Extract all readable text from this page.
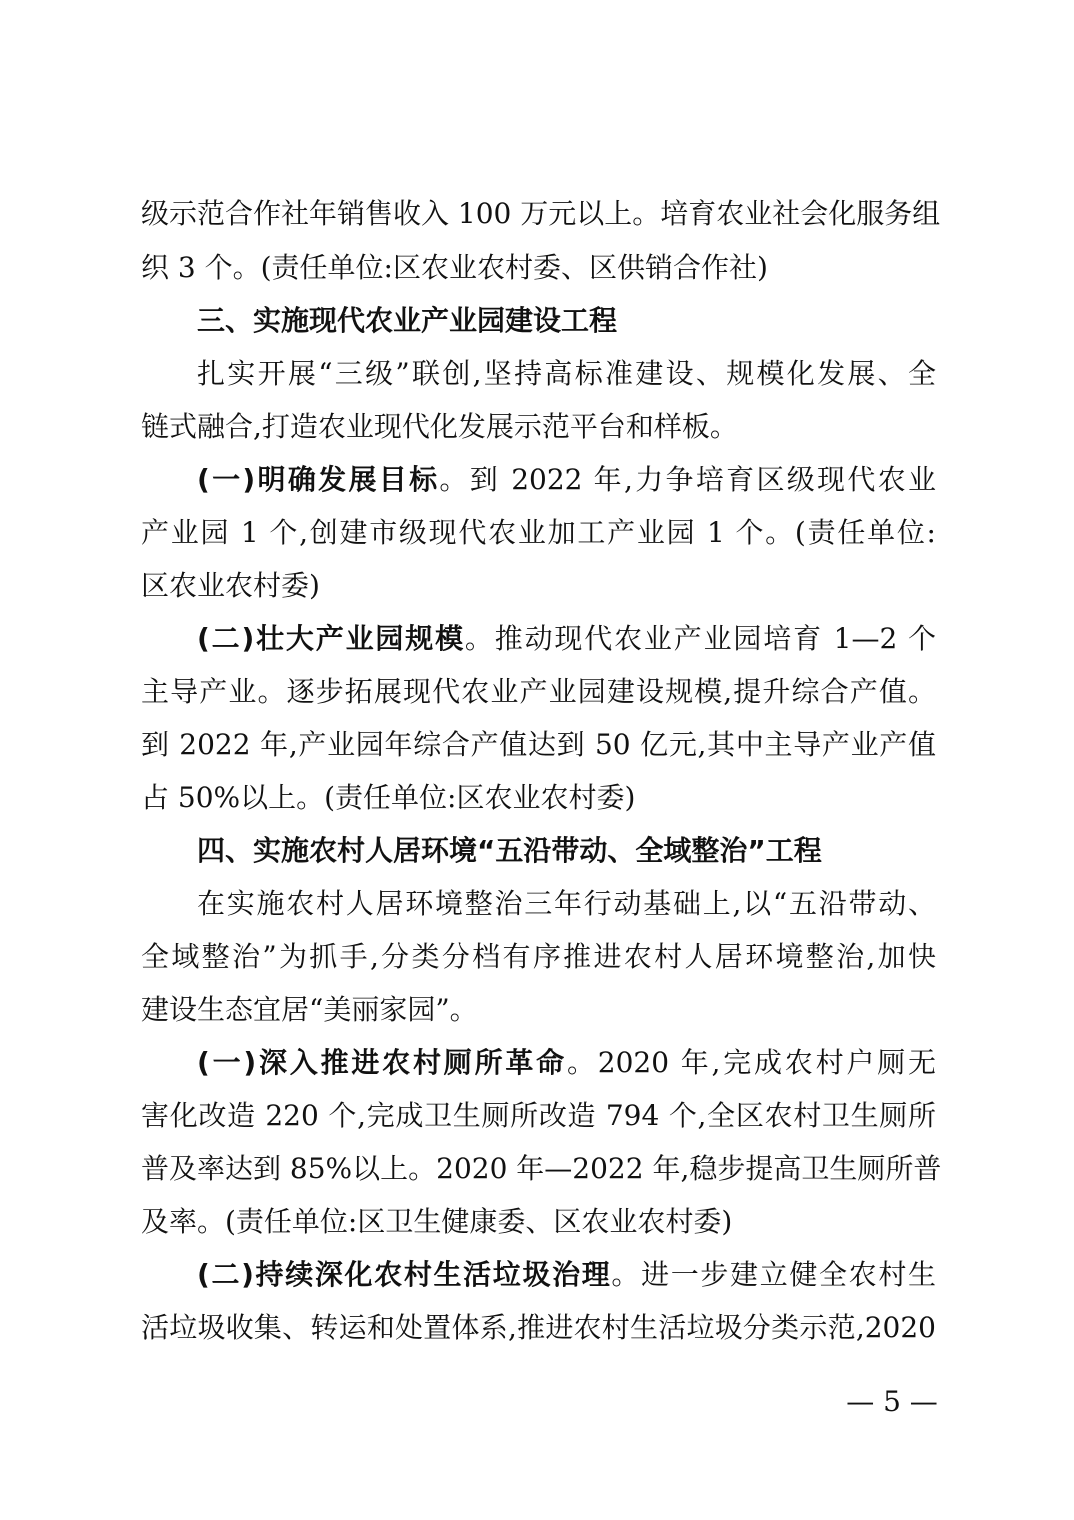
级示范合作社年销售收入 100 万元以上。培育农业社会化服务组
织 3 个。(责任单位:区农业农村委、区供销合作社)
三、实施现代农业产业园建设工程
扎实开展“三级”联创,坚持高标准建设、规模化发展、全
链式融合,打造农业现代化发展示范平台和样板。
(一)明确发展目标。到 2022 年,力争培育区级现代农业
产业园 1 个,创建市级现代农业加工产业园 1 个。(责任单位:
区农业农村委)
(二)壮大产业园规模。推动现代农业产业园培育 1—2 个
主导产业。逐步拓展现代农业产业园建设规模,提升综合产值。
到 2022 年,产业园年综合产值达到 50 亿元,其中主导产业产值
占 50%以上。(责任单位:区农业农村委)
四、实施农村人居环境“五沿带动、全域整治”工程
在实施农村人居环境整治三年行动基础上,以“五沿带动、
全域整治”为抓手,分类分档有序推进农村人居环境整治,加快
建设生态宜居“美丽家园”。
(一)深入推进农村厕所革命。2020 年,完成农村户厕无
害化改造 220 个,完成卫生厕所改造 794 个,全区农村卫生厕所
普及率达到 85%以上。2020 年—2022 年,稳步提高卫生厕所普
及率。(责任单位:区卫生健康委、区农业农村委)
(二)持续深化农村生活垃圾治理。进一步建立健全农村生
活垃圾收集、转运和处置体系,推进农村生活垃圾分类示范,2020
— 5 —
